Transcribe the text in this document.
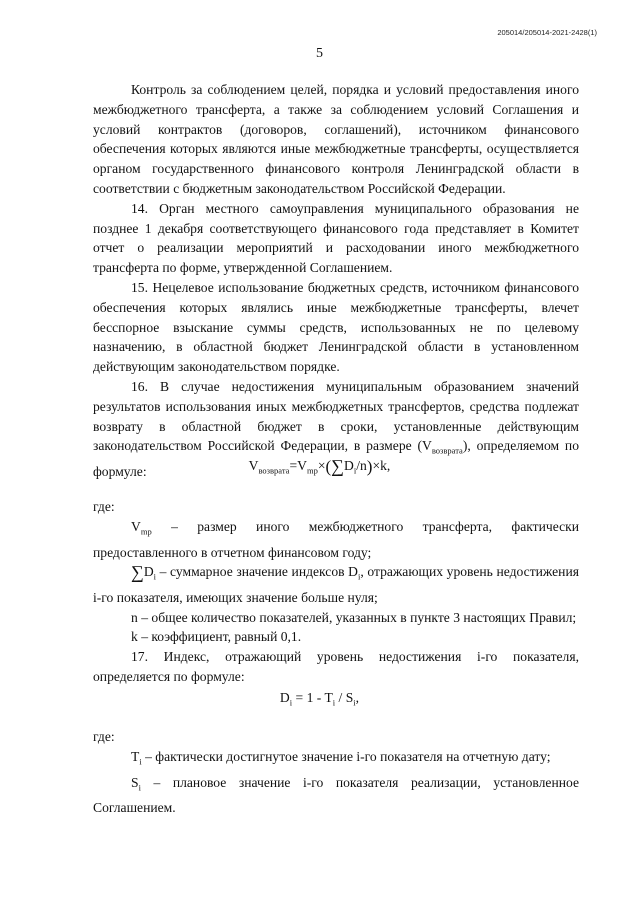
205014/205014-2021-2428(1)
5

Контроль за соблюдением целей, порядка и условий предоставления иного межбюджетного трансферта, а также за соблюдением условий Соглашения и условий контрактов (договоров, соглашений), источником финансового обеспечения которых являются иные межбюджетные трансферты, осуществляется органом государственного финансового контроля Ленинградской области в соответствии с бюджетным законодательством Российской Федерации.

14. Орган местного самоуправления муниципального образования не позднее 1 декабря соответствующего финансового года представляет в Комитет отчет о реализации мероприятий и расходовании иного межбюджетного трансферта по форме, утвержденной Соглашением.

15. Нецелевое использование бюджетных средств, источником финансового обеспечения которых являлись иные межбюджетные трансферты, влечет бесспорное взыскание суммы средств, использованных не по целевому назначению, в областной бюджет Ленинградской области в установленном действующим законодательством порядке.

16. В случае недостижения муниципальным образованием значений результатов использования иных межбюджетных трансфертов, средства подлежат возврату в областной бюджет в сроки, установленные действующим законодательством Российской Федерации, в размере $(V_{возврата})$, определяемом по формуле:	$V_{возврата}=V_{mp}\times(\sum D_i/n)\times k$,
где:

$V_{mp}$ – размер иного межбюджетного трансферта, фактически предоставленного в отчетном финансовом году;

$\sum D_i$ – суммарное значение индексов $D_i$, отражающих уровень недостижения i-го показателя, имеющих значение больше нуля;

n – общее количество показателей, указанных в пункте 3 настоящих Правил;

k – коэффициент, равный 0,1.

17. Индекс, отражающий уровень недостижения i-го показателя, определяется по формуле:

$D_i = 1 - T_i / S_i$,
где:

$T_i$ – фактически достигнутое значение i-го показателя на отчетную дату;

$S_i$ – плановое значение i-го показателя реализации, установленное Соглашением.
